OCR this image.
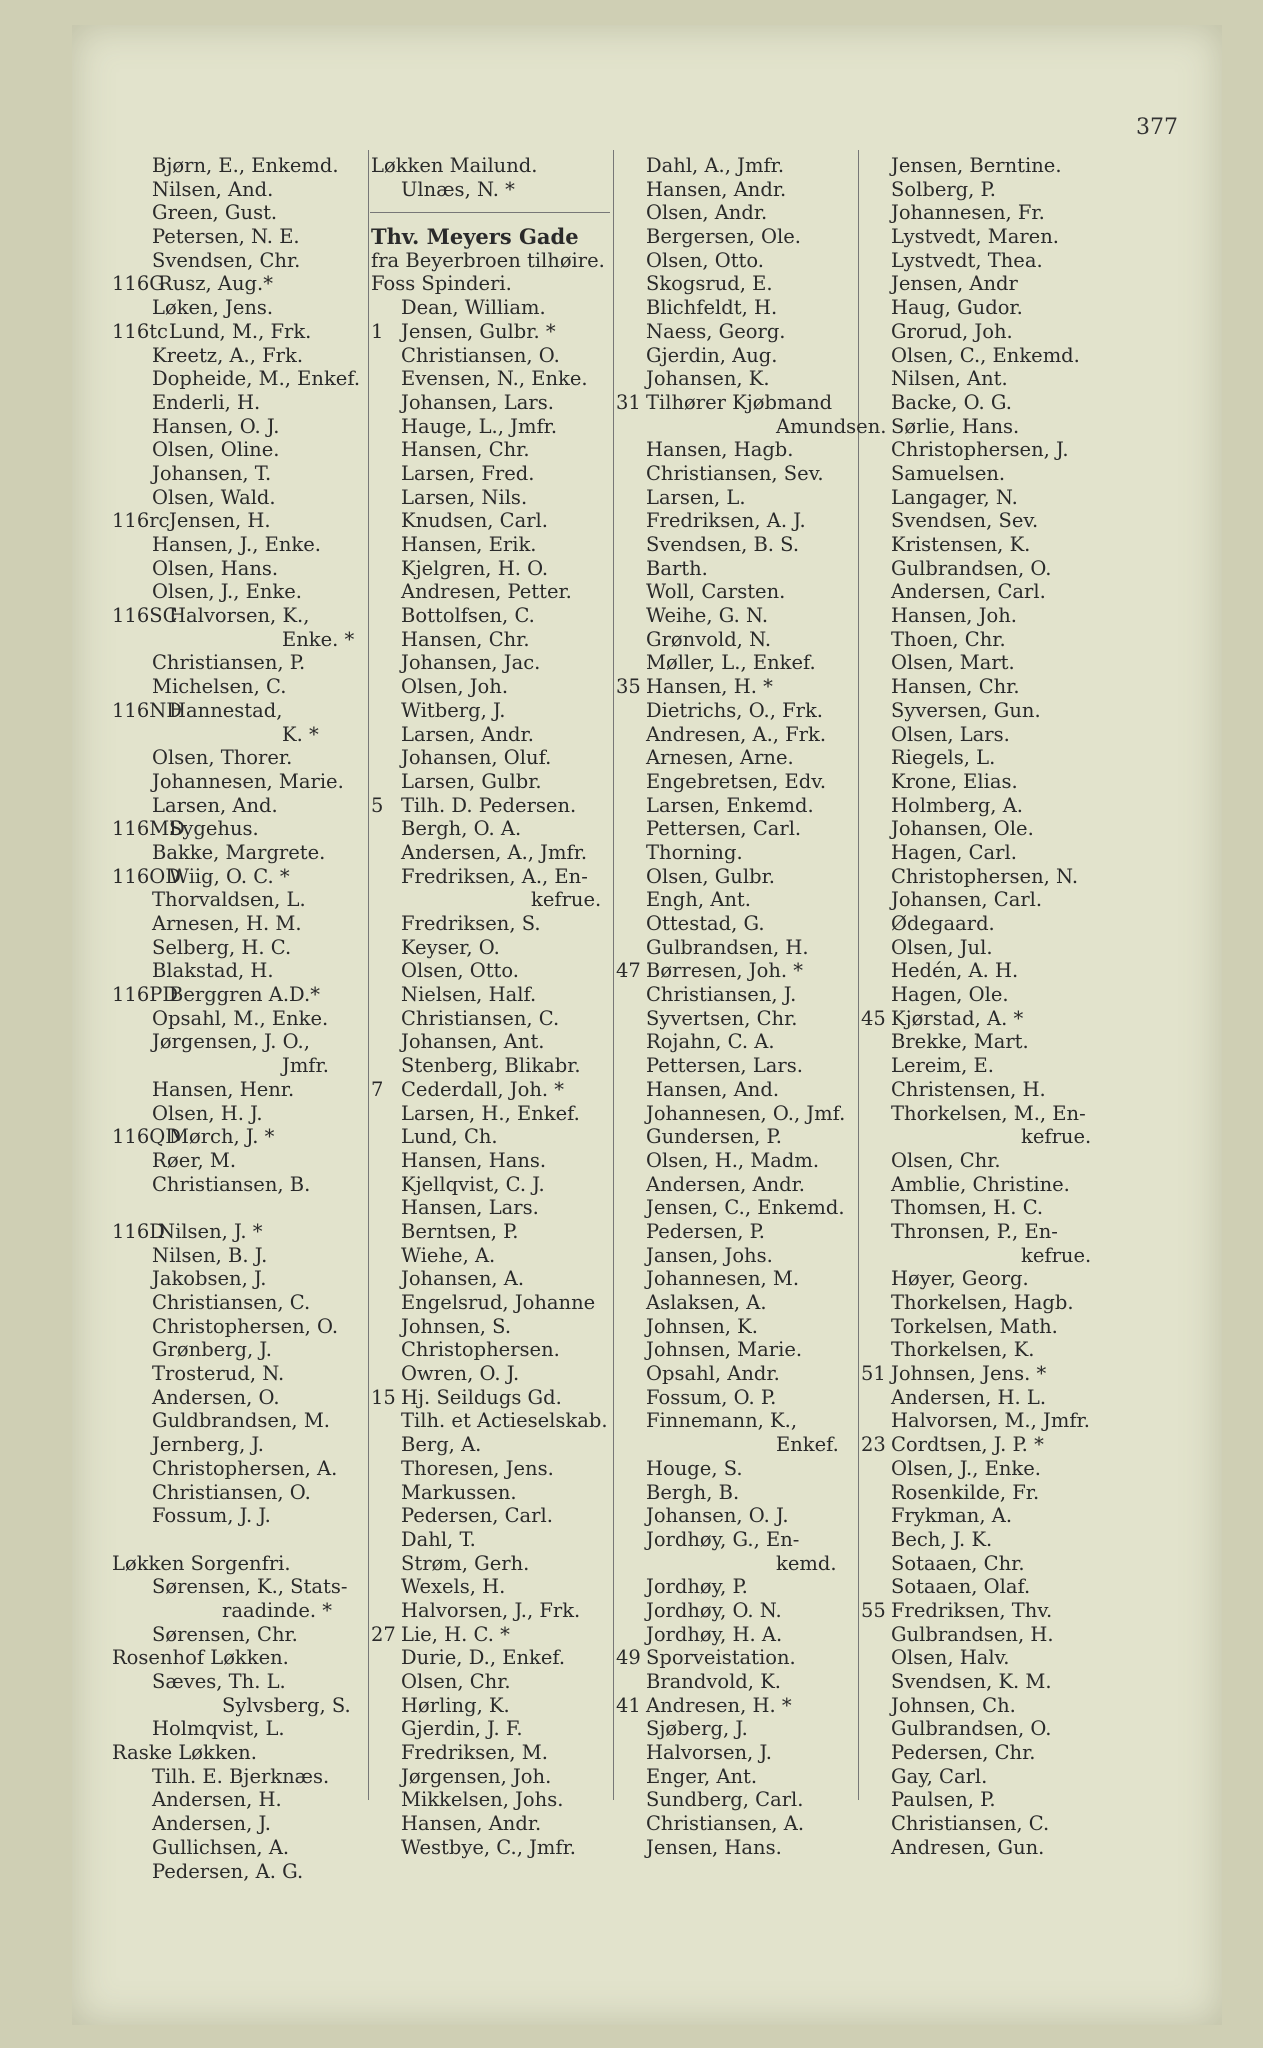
377
Bjørn, E., Enkemd.
Nilsen, And.
Green, Gust.
Petersen, N. E.
Svendsen, Chr.
116G
Rusz, Aug.*
Løken, Jens.
116tc Lund, M., Frk.
Kreetz, A., Frk.
Dopheide, M., Enkef.
Enderli, H.
Hansen, O. J.
Olsen, Oline.
Johansen, T.
Olsen, Wald.
116rc Jensen, H.
Hansen, J., Enke.
Olsen, Hans.
Olsen, J., Enke.
116SC
Halvorsen, K.,
Enke. *
Christiansen, P.
Michelsen, C.
116ND
Hannestad,
K. *
Olsen, Thorer.
Johannesen, Marie.
Larsen, And.
116MD
Sygehus.
Bakke, Margrete.
116OD
Wiig, O. C. *
Thorvaldsen, L.
Arnesen, H. M.
Selberg, H. C.
Blakstad, H.
116PD
Berggren A.D.*
Opsahl, M., Enke.
Jørgensen, J. O.,
Jmfr.
Hansen, Henr.
Olsen, H. J.
116QD
Mørch, J. *
Røer, M.
Christiansen, B.
116D
Nilsen, J. *
Nilsen, B. J.
Jakobsen, J.
Christiansen, C.
Christophersen, O.
Grønberg, J.
Trosterud, N.
Andersen, O.
Guldbrandsen, M.
Jernberg, J.
Christophersen, A.
Christiansen, O.
Fossum, J. J.
Løkken Sorgenfri.
Sørensen, K., Stats-
raadinde. *
Sørensen, Chr.
Rosenhof Løkken.
Sæves, Th. L.
Sylvsberg, S.
Holmqvist, L.
Raske Løkken.
Tilh. E. Bjerknæs.
Andersen, H.
Andersen, J.
Gullichsen, A.
Pedersen, A. G.
Løkken Mailund.
Ulnæs, N. *
Thv. Meyers Gade
fra Beyerbroen tilhøire.
Foss Spinderi.
Dean, William.
1 Jensen, Gulbr. *
Christiansen, O.
Evensen, N., Enke.
Johansen, Lars.
Hauge, L., Jmfr.
Hansen, Chr.
Larsen, Fred.
Larsen, Nils.
Knudsen, Carl.
Hansen, Erik.
Kjelgren, H. O.
Andresen, Petter.
Bottolfsen, C.
Hansen, Chr.
Johansen, Jac.
Olsen, Joh.
Witberg, J.
Larsen, Andr.
Johansen, Oluf.
Larsen, Gulbr.
5 Tilh. D. Pedersen.
Bergh, O. A.
Andersen, A., Jmfr.
Fredriksen, A., En-
kefrue.
Fredriksen, S.
Keyser, O.
Olsen, Otto.
Nielsen, Half.
Christiansen, C.
Johansen, Ant.
Stenberg, Blikabr.
7 Cederdall, Joh. *
Larsen, H., Enkef.
Lund, Ch.
Hansen, Hans.
Kjellqvist, C. J.
Hansen, Lars.
Berntsen, P.
Wiehe, A.
Johansen, A.
Engelsrud, Johanne
Johnsen, S.
Christophersen.
Owren, O. J.
15 Hj. Seildugs Gd.
Tilh. et Actieselskab.
Berg, A.
Thoresen, Jens.
Markussen.
Pedersen, Carl.
Dahl, T.
Strøm, Gerh.
Wexels, H.
Halvorsen, J., Frk.
27 Lie, H. C. *
Durie, D., Enkef.
Olsen, Chr.
Hørling, K.
Gjerdin, J. F.
Fredriksen, M.
Jørgensen, Joh.
Mikkelsen, Johs.
Hansen, Andr.
Westbye, C., Jmfr.
Dahl, A., Jmfr.
Hansen, Andr.
Olsen, Andr.
Bergersen, Ole.
Olsen, Otto.
Skogsrud, E.
Blichfeldt, H.
Naess, Georg.
Gjerdin, Aug.
Johansen, K.
31 Tilhører Kjøbmand
Amundsen.
Hansen, Hagb.
Christiansen, Sev.
Larsen, L.
Fredriksen, A. J.
Svendsen, B. S.
Barth.
Woll, Carsten.
Weihe, G. N.
Grønvold, N.
Møller, L., Enkef.
35 Hansen, H. *
Dietrichs, O., Frk.
Andresen, A., Frk.
Arnesen, Arne.
Engebretsen, Edv.
Larsen, Enkemd.
Pettersen, Carl.
Thorning.
Olsen, Gulbr.
Engh, Ant.
Ottestad, G.
Gulbrandsen, H.
47 Børresen, Joh. *
Christiansen, J.
Syvertsen, Chr.
Rojahn, C. A.
Pettersen, Lars.
Hansen, And.
Johannesen, O., Jmf.
Gundersen, P.
Olsen, H., Madm.
Andersen, Andr.
Jensen, C., Enkemd.
Pedersen, P.
Jansen, Johs.
Johannesen, M.
Aslaksen, A.
Johnsen, K.
Johnsen, Marie.
Opsahl, Andr.
Fossum, O. P.
Finnemann, K.,
Enkef.
Houge, S.
Bergh, B.
Johansen, O. J.
Jordhøy, G., En-
kemd.
Jordhøy, P.
Jordhøy, O. N.
Jordhøy, H. A.
49 Sporveistation.
Brandvold, K.
41 Andresen, H. *
Sjøberg, J.
Halvorsen, J.
Enger, Ant.
Sundberg, Carl.
Christiansen, A.
Jensen, Hans.
Jensen, Berntine.
Solberg, P.
Johannesen, Fr.
Lystvedt, Maren.
Lystvedt, Thea.
Jensen, Andr
Haug, Gudor.
Grorud, Joh.
Olsen, C., Enkemd.
Nilsen, Ant.
Backe, O. G.
Sørlie, Hans.
Christophersen, J.
Samuelsen.
Langager, N.
Svendsen, Sev.
Kristensen, K.
Gulbrandsen, O.
Andersen, Carl.
Hansen, Joh.
Thoen, Chr.
Olsen, Mart.
Hansen, Chr.
Syversen, Gun.
Olsen, Lars.
Riegels, L.
Krone, Elias.
Holmberg, A.
Johansen, Ole.
Hagen, Carl.
Christophersen, N.
Johansen, Carl.
Ødegaard.
Olsen, Jul.
Hedén, A. H.
Hagen, Ole.
45 Kjørstad, A. *
Brekke, Mart.
Lereim, E.
Christensen, H.
Thorkelsen, M., En-
kefrue.
Olsen, Chr.
Amblie, Christine.
Thomsen, H. C.
Thronsen, P., En-
kefrue.
Høyer, Georg.
Thorkelsen, Hagb.
Torkelsen, Math.
Thorkelsen, K.
51 Johnsen, Jens. *
Andersen, H. L.
Halvorsen, M., Jmfr.
23 Cordtsen, J. P. *
Olsen, J., Enke.
Rosenkilde, Fr.
Frykman, A.
Bech, J. K.
Sotaaen, Chr.
Sotaaen, Olaf.
55 Fredriksen, Thv.
Gulbrandsen, H.
Olsen, Halv.
Svendsen, K. M.
Johnsen, Ch.
Gulbrandsen, O.
Pedersen, Chr.
Gay, Carl.
Paulsen, P.
Christiansen, C.
Andresen, Gun.
